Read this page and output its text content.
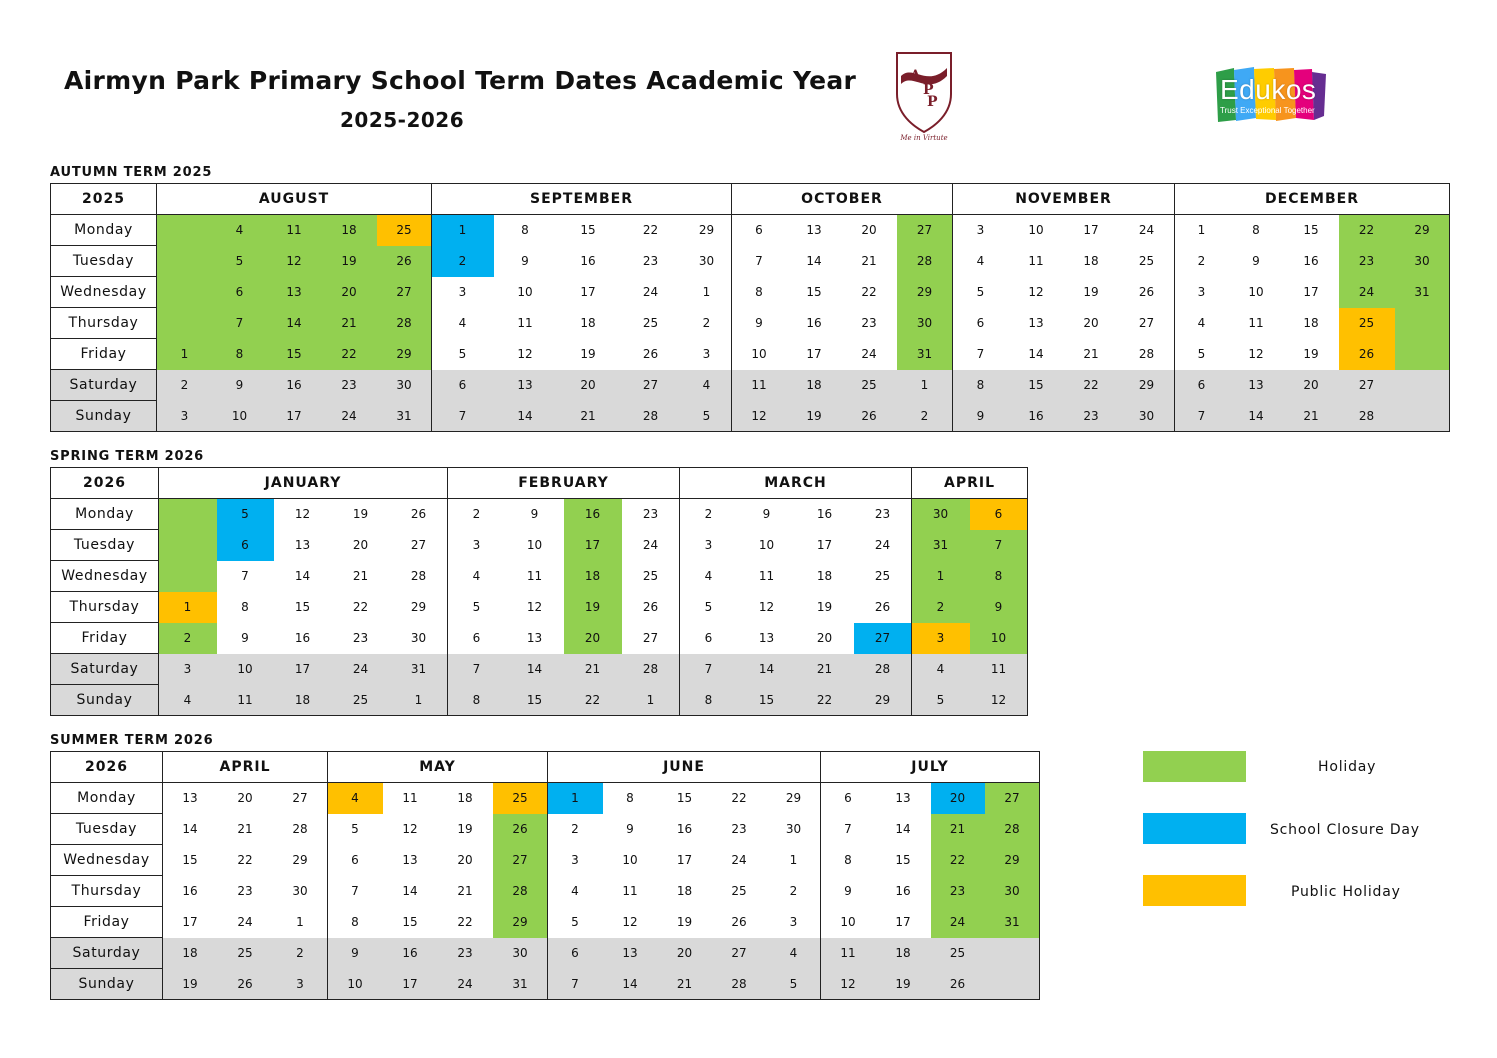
Airmyn Park Primary School Term Dates Academic Year
2025-2026
A
P
P
Me in Virtute
Edukos
Trust Exceptional Together
AUTUMN TERM 2025
SPRING TERM 2026
SUMMER TERM 2026
2025	AUGUST					SEPTEMBER					OCTOBER				NOVEMBER				DECEMBER				
Monday		4	11	18	25	1	8	15	22	29	6	13	20	27	3	10	17	24	1	8	15	22	29
Tuesday		5	12	19	26	2	9	16	23	30	7	14	21	28	4	11	18	25	2	9	16	23	30
Wednesday		6	13	20	27	3	10	17	24	1	8	15	22	29	5	12	19	26	3	10	17	24	31
Thursday		7	14	21	28	4	11	18	25	2	9	16	23	30	6	13	20	27	4	11	18	25	
Friday	1	8	15	22	29	5	12	19	26	3	10	17	24	31	7	14	21	28	5	12	19	26	
Saturday	2	9	16	23	30	6	13	20	27	4	11	18	25	1	8	15	22	29	6	13	20	27	
Sunday	3	10	17	24	31	7	14	21	28	5	12	19	26	2	9	16	23	30	7	14	21	28	
2026	JANUARY					FEBRUARY				MARCH				APRIL	
Monday		5	12	19	26	2	9	16	23	2	9	16	23	30	6
Tuesday		6	13	20	27	3	10	17	24	3	10	17	24	31	7
Wednesday		7	14	21	28	4	11	18	25	4	11	18	25	1	8
Thursday	1	8	15	22	29	5	12	19	26	5	12	19	26	2	9
Friday	2	9	16	23	30	6	13	20	27	6	13	20	27	3	10
Saturday	3	10	17	24	31	7	14	21	28	7	14	21	28	4	11
Sunday	4	11	18	25	1	8	15	22	1	8	15	22	29	5	12
2026	APRIL			MAY				JUNE					JULY			
Monday	13	20	27	4	11	18	25	1	8	15	22	29	6	13	20	27
Tuesday	14	21	28	5	12	19	26	2	9	16	23	30	7	14	21	28
Wednesday	15	22	29	6	13	20	27	3	10	17	24	1	8	15	22	29
Thursday	16	23	30	7	14	21	28	4	11	18	25	2	9	16	23	30
Friday	17	24	1	8	15	22	29	5	12	19	26	3	10	17	24	31
Saturday	18	25	2	9	16	23	30	6	13	20	27	4	11	18	25	
Sunday	19	26	3	10	17	24	31	7	14	21	28	5	12	19	26	
Holiday
School Closure Day
Public Holiday
